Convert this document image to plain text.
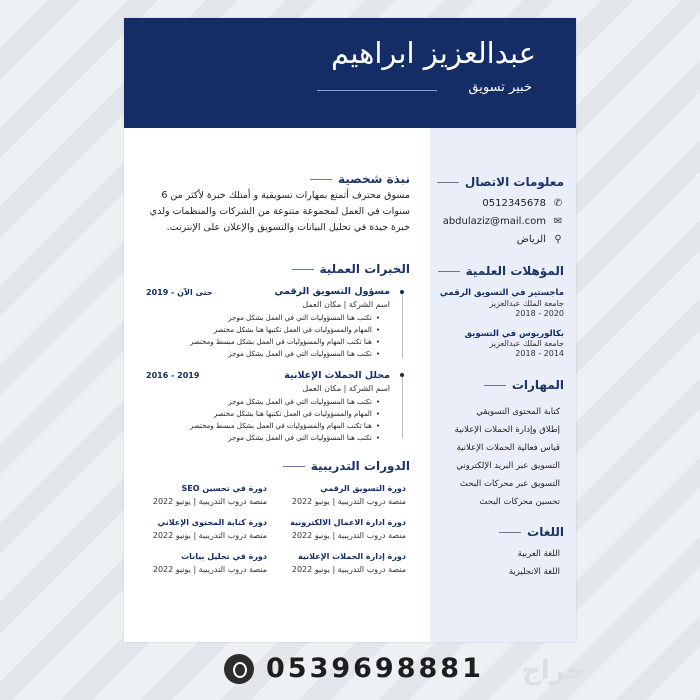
عبدالعزيز ابراهيم
خبير تسويق
معلومات الاتصال
✆
0512345678
✉
abdulaziz@mail.com
⚲
الرياض
المؤهلات العلمية
ماجستير في التسويق الرقمي
جامعة الملك عبدالعزيز
2020 - 2018
بكالوريوس في التسويق
جامعة الملك عبدالعزيز
2014 - 2018
المهارات
كتابة المحتوى التسويقي
إطلاق وإدارة الحملات الإعلانية
قياس فعالية الحملات الإعلانية
التسويق عبر البريد الإلكتروني
التسويق عبر محركات البحث
تحسين محركات البحث
اللغات
اللغة العربية
اللغة الانجليزية
نبذة شخصية
مسوق محترف أتمتع بمهارات تسويقية و أمتلك خبرة لأكثر من 6 سنوات في العمل لمجموعة متنوعة من الشركات والمنظمات ولدي خبرة جيدة في تحليل البيانات والتسويق والإعلان على الإنترنت.
الخبرات العملية
مسؤول التسويق الرقمي
2019 - حتى الآن
اسم الشركة | مكان العمل
• تكتب هنا المسؤوليات التي في العمل بشكل موجز
• المهام والمسؤوليات في العمل تكتبها هنا بشكل مختصر
• هنا تكتب المهام والمسؤوليات في العمل بشكل مبسط ومختصر
• تكتب هنا المسؤوليات التي في العمل بشكل موجز
محلل الحملات الإعلانية
2016 - 2019
اسم الشركة | مكان العمل
• تكتب هنا المسؤوليات التي في العمل بشكل موجز
• المهام والمسؤوليات في العمل تكتبها هنا بشكل مختصر
• هنا تكتب المهام والمسؤوليات في العمل بشكل مبسط ومختصر
• تكتب هنا المسؤوليات التي في العمل بشكل موجز
الدورات التدريبية
دورة التسويق الرقمي
منصة دروب التدريبية | يونيو 2022
دورة في تحسين SEO
منصة دروب التدريبية | يونيو 2022
دورة ادارة الاعمال الالكترونية
منصة دروب التدريبية | يونيو 2022
دورة كتابة المحتوى الإعلاني
منصة دروب التدريبية | يونيو 2022
دورة إدارة الحملات الإعلانية
منصة دروب التدريبية | يونيو 2022
دورة في تحليل بيانات
منصة دروب التدريبية | يونيو 2022
0539698881 حراج
